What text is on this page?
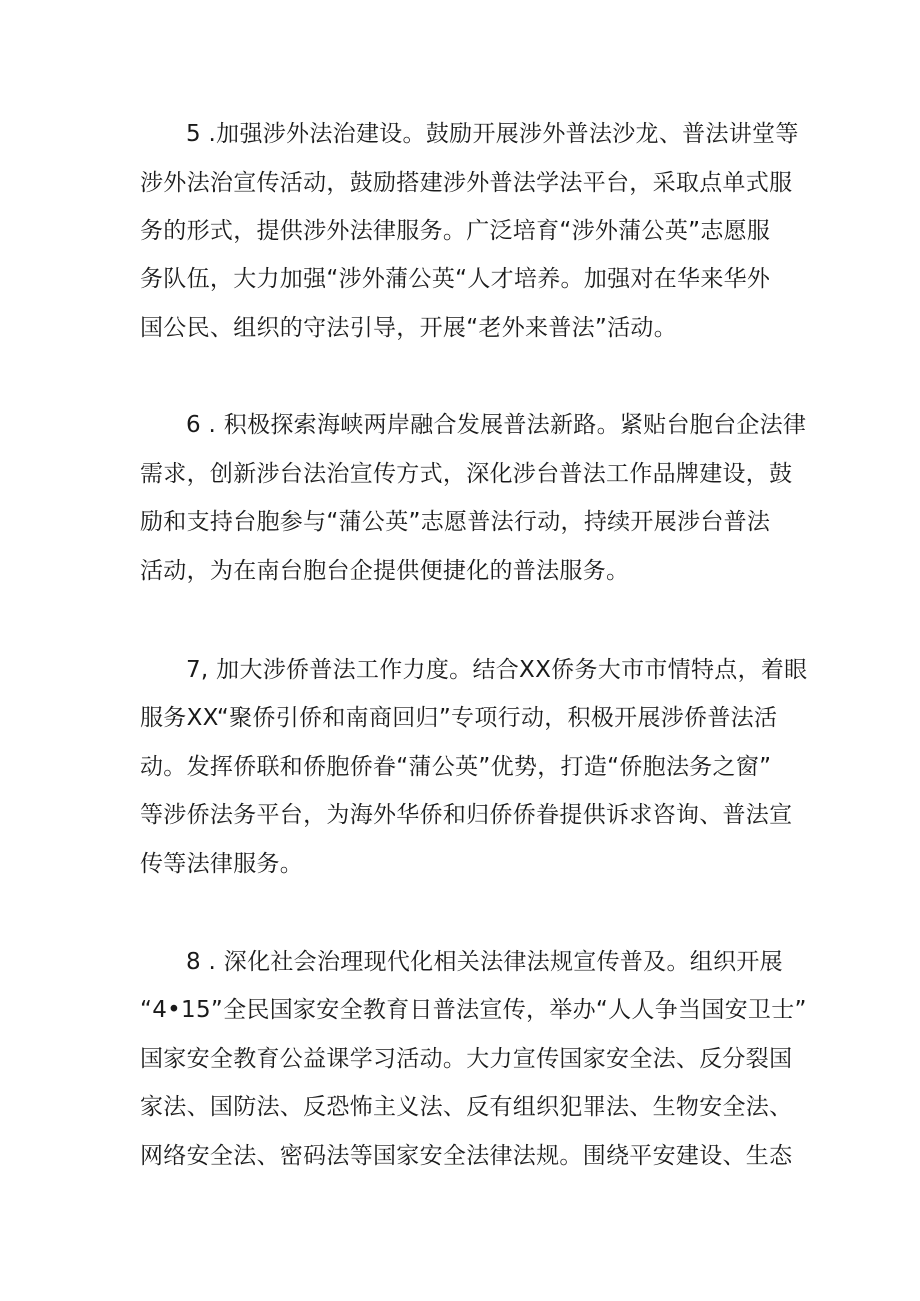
5 .加强涉外法治建设。鼓励开展涉外普法沙龙、普法讲堂等
涉外法治宣传活动，鼓励搭建涉外普法学法平台，采取点单式服
务的形式，提供涉外法律服务。广泛培育“涉外蒲公英”志愿服
务队伍，大力加强“涉外蒲公英“人才培养。加强对在华来华外
国公民、组织的守法引导，开展“老外来普法”活动。
6 . 积极探索海峡两岸融合发展普法新路。紧贴台胞台企法律
需求，创新涉台法治宣传方式，深化涉台普法工作品牌建设，鼓
励和支持台胞参与“蒲公英”志愿普法行动，持续开展涉台普法
活动，为在南台胞台企提供便捷化的普法服务。
7, 加大涉侨普法工作力度。结合XX侨务大市市情特点，着眼
服务XX“聚侨引侨和南商回归”专项行动，积极开展涉侨普法活
动。发挥侨联和侨胞侨眷“蒲公英”优势，打造“侨胞法务之窗”
等涉侨法务平台，为海外华侨和归侨侨眷提供诉求咨询、普法宣
传等法律服务。
8 . 深化社会治理现代化相关法律法规宣传普及。组织开展
“4•15”全民国家安全教育日普法宣传，举办“人人争当国安卫士”
国家安全教育公益课学习活动。大力宣传国家安全法、反分裂国
家法、国防法、反恐怖主义法、反有组织犯罪法、生物安全法、
网络安全法、密码法等国家安全法律法规。围绕平安建设、生态
